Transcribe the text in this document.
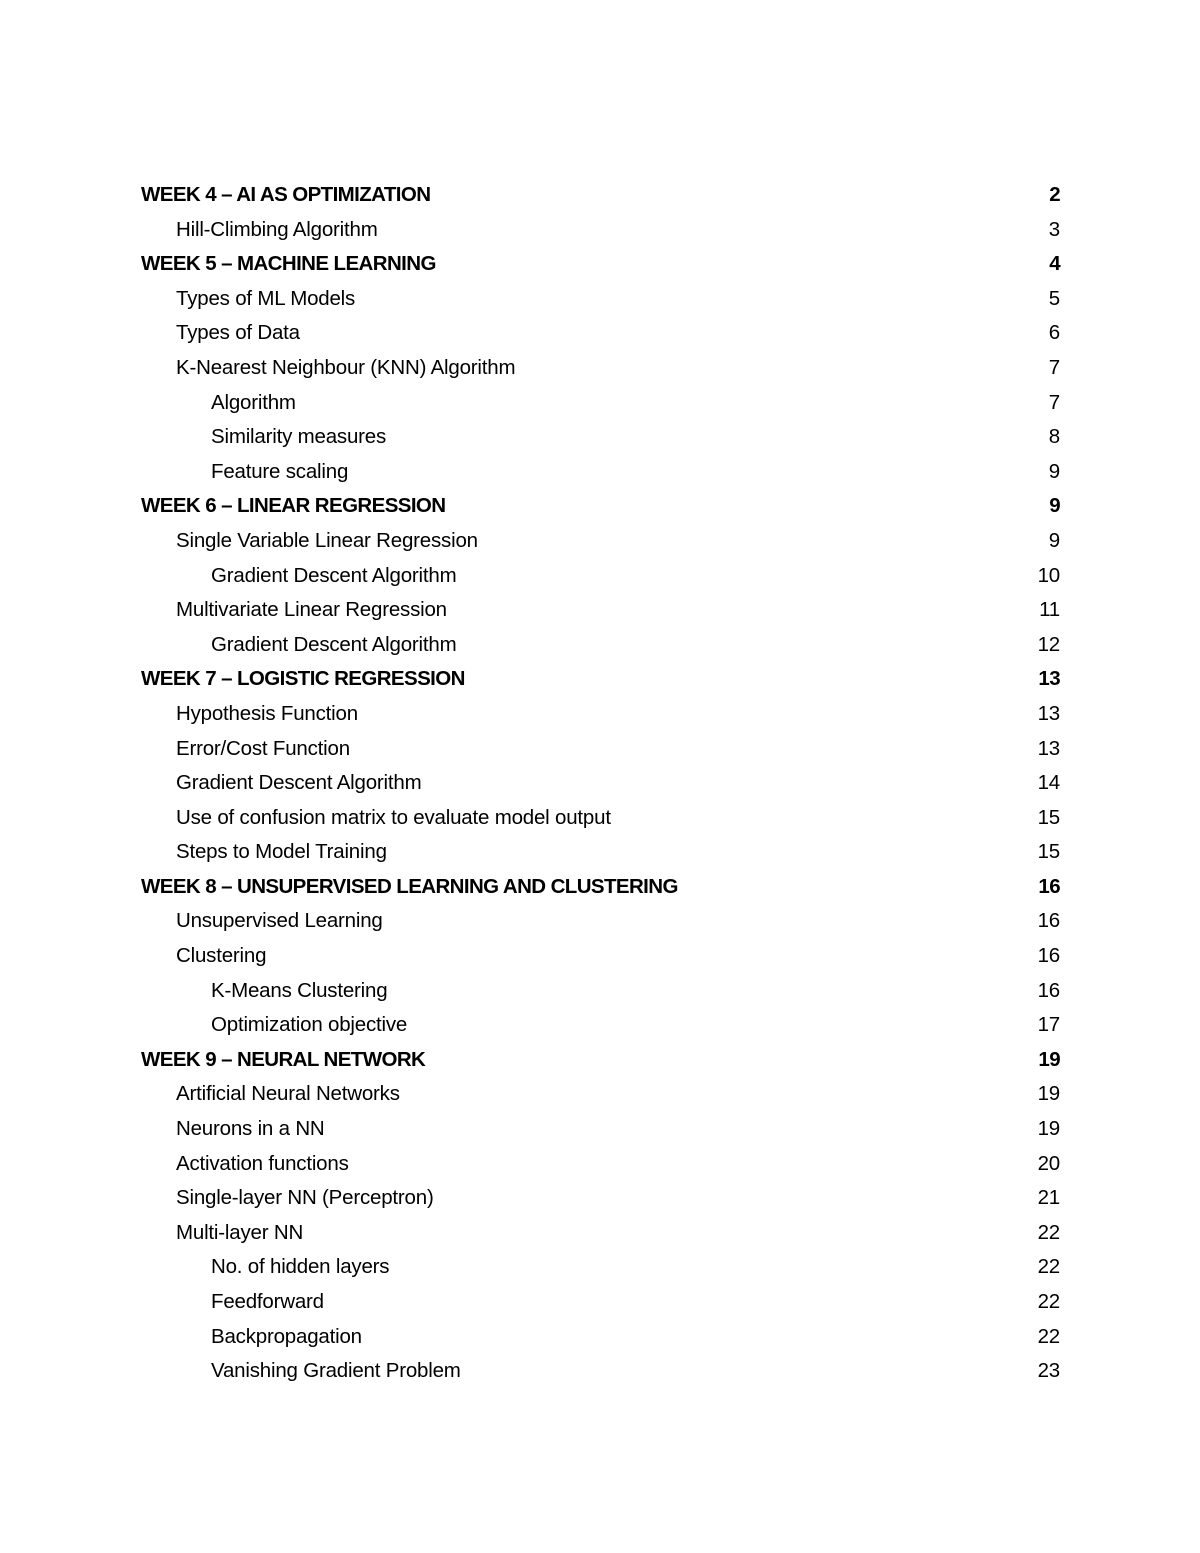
WEEK 4 – AI AS OPTIMIZATION	2
Hill-Climbing Algorithm	3
WEEK 5 – MACHINE LEARNING	4
Types of ML Models	5
Types of Data	6
K-Nearest Neighbour (KNN) Algorithm	7
Algorithm	7
Similarity measures	8
Feature scaling	9
WEEK 6 – LINEAR REGRESSION	9
Single Variable Linear Regression	9
Gradient Descent Algorithm	10
Multivariate Linear Regression	11
Gradient Descent Algorithm	12
WEEK 7 – LOGISTIC REGRESSION	13
Hypothesis Function	13
Error/Cost Function	13
Gradient Descent Algorithm	14
Use of confusion matrix to evaluate model output	15
Steps to Model Training	15
WEEK 8 – UNSUPERVISED LEARNING AND CLUSTERING	16
Unsupervised Learning	16
Clustering	16
K-Means Clustering	16
Optimization objective	17
WEEK 9 – NEURAL NETWORK	19
Artificial Neural Networks	19
Neurons in a NN	19
Activation functions	20
Single-layer NN (Perceptron)	21
Multi-layer NN	22
No. of hidden layers	22
Feedforward	22
Backpropagation	22
Vanishing Gradient Problem	23
